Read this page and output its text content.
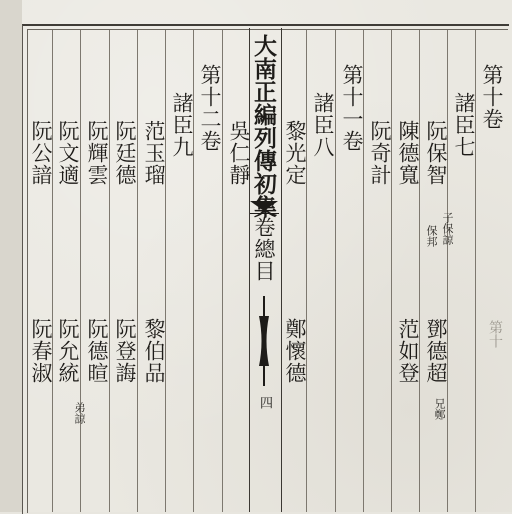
大南正編列傳初集
卷總目
四
第十卷
諸臣七
阮保智
子保諒
保邦
鄧德超
兄鄭
陳德寬
范如登
阮奇計
諸臣八 第十一卷
黎光定
鄭懷德
吳仁靜
第十二卷
諸臣九
范玉瑠
黎伯品
阮廷德
阮登誨
阮輝雲
阮德暄
阮文適
阮允統
弟諒
阮公諳
阮春淑	第十
